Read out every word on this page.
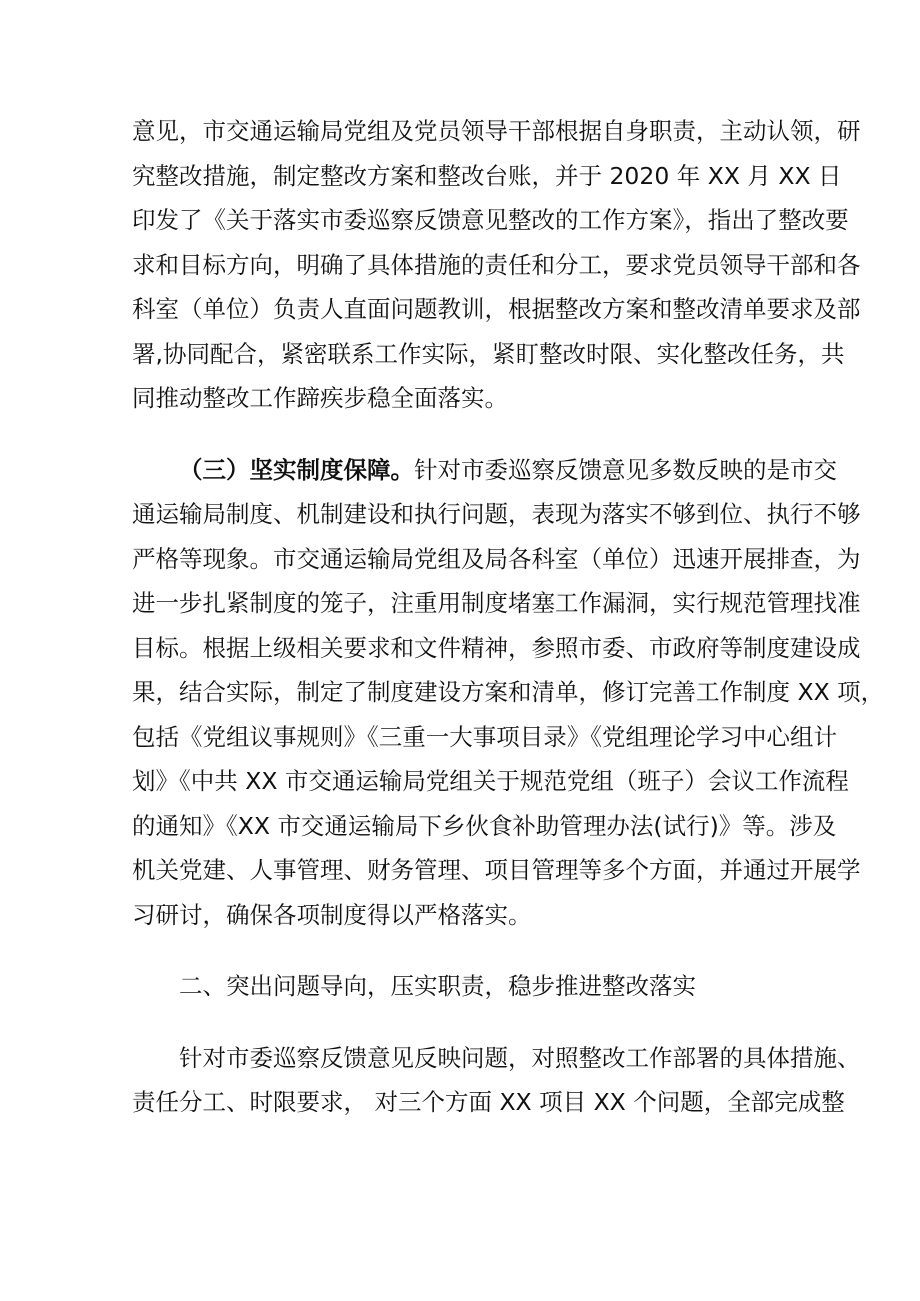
意见，市交通运输局党组及党员领导干部根据自身职责，主动认领，研
究整改措施，制定整改方案和整改台账，并于 2020 年 XX 月 XX 日
印发了《关于落实市委巡察反馈意见整改的工作方案》，指出了整改要
求和目标方向，明确了具体措施的责任和分工，要求党员领导干部和各
科室（单位）负责人直面问题教训，根据整改方案和整改清单要求及部
署,协同配合，紧密联系工作实际，紧盯整改时限、实化整改任务，共
同推动整改工作蹄疾步稳全面落实。
（三）坚实制度保障。针对市委巡察反馈意见多数反映的是市交
通运输局制度、机制建设和执行问题，表现为落实不够到位、执行不够
严格等现象。市交通运输局党组及局各科室（单位）迅速开展排查，为
进一步扎紧制度的笼子，注重用制度堵塞工作漏洞，实行规范管理找准
目标。根据上级相关要求和文件精神，参照市委、市政府等制度建设成
果，结合实际，制定了制度建设方案和清单，修订完善工作制度 XX 项，
包括《党组议事规则》《三重一大事项目录》《党组理论学习中心组计
划》《中共 XX 市交通运输局党组关于规范党组（班子）会议工作流程
的通知》《XX 市交通运输局下乡伙食补助管理办法(试行)》等。涉及
机关党建、人事管理、财务管理、项目管理等多个方面，并通过开展学
习研讨，确保各项制度得以严格落实。
二、突出问题导向，压实职责，稳步推进整改落实
针对市委巡察反馈意见反映问题，对照整改工作部署的具体措施、
责任分工、时限要求， 对三个方面 XX 项目 XX 个问题，全部完成整
